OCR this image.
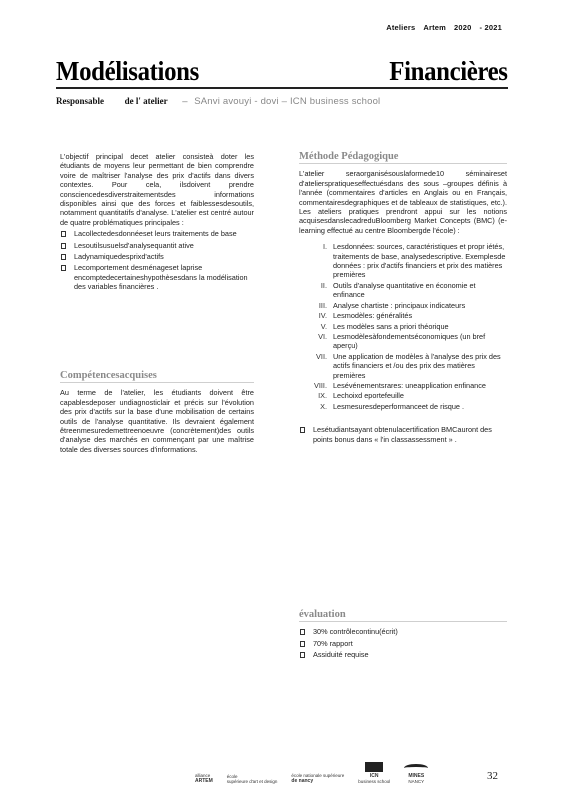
Ateliers Artem 2020 - 2021
Modélisations	Financières
Responsable de l' atelier – SAnvi avouyi - dovi – ICN business school

L'objectif principal decet atelier consisteà doter les étudiants de moyens leur permettant de bien comprendre voire de maîtriser l'analyse des prix d'actifs dans divers contextes. Pour cela, ilsdoivent prendre consciencedesdiverstraitementsdes informations disponibles ainsi que des forces et faiblessesdesoutils, notamment quantitatifs d'analyse. L'atelier est centré autour de quatre problématiques principales :

Lacollectedesdonnéeset leurs traitements de base
Lesoutilsusuelsd'analysequantit ative
Ladynamiquedesprixd'actifs
Lecomportement desménageset laprise encomptedecertaineshypothèsesdans la modélisation des variables financières .
Compétencesacquises

Au terme de l'atelier, les étudiants doivent être capablesdeposer undiagnosticlair et précis sur l'évolution des prix d'actifs sur la base d'une mobilisation de certains outils de l'analyse quantitative. Ils devraient également êtreenmesuredemettreenoeuvre (concrètement)des outils d'analyse des marchés en commençant par une maîtrise totale des diverses sources d'informations.

Méthode Pédagogique

L'atelier seraorganisésouslaformede10 séminaireset d'atelierspratiqueseffectuésdans des sous –groupes définis à l'année (commentaires d'articles en Anglais ou en Français, commentairesdegraphiques et de tableaux de statistiques, etc.). Les ateliers pratiques prendront appui sur les notions acquisesdanslecadreduBloomberg Market Concepts (BMC) (e-learning effectué au centre Bloombergde l'école) :

I. Lesdonnées: sources, caractéristiques et propr iétés, traitements de base, analysedescriptive. Exemplesde données : prix d'actifs financiers et prix des matières premières
II. Outils d'analyse quantitative en économie et enfinance
III. Analyse chartiste : principaux indicateurs
IV. Lesmodèles: généralités
V. Les modèles sans a priori théorique
VI. Lesmodèlesàfondementséconomiques (un bref aperçu)
VII. Une application de modèles à l'analyse des prix des actifs financiers et /ou des prix des matières premières
VIII. Lesévénementsrares: uneapplication enfinance
IX. Lechoixd eportefeuille
X. Lesmesuresdeperformanceet de risque .
Lesétudiantsayant obtenulacertification BMCauront des points bonus dans « l'in classassessment » .
évaluation
30% contrôlecontinu(écrit)
70% rapport
Assiduité requise
alliance
ARTEM
école
supérieure d'art et design
école nationale supérieure
de nancy
ICN
business school
MINES
NANCY	32
